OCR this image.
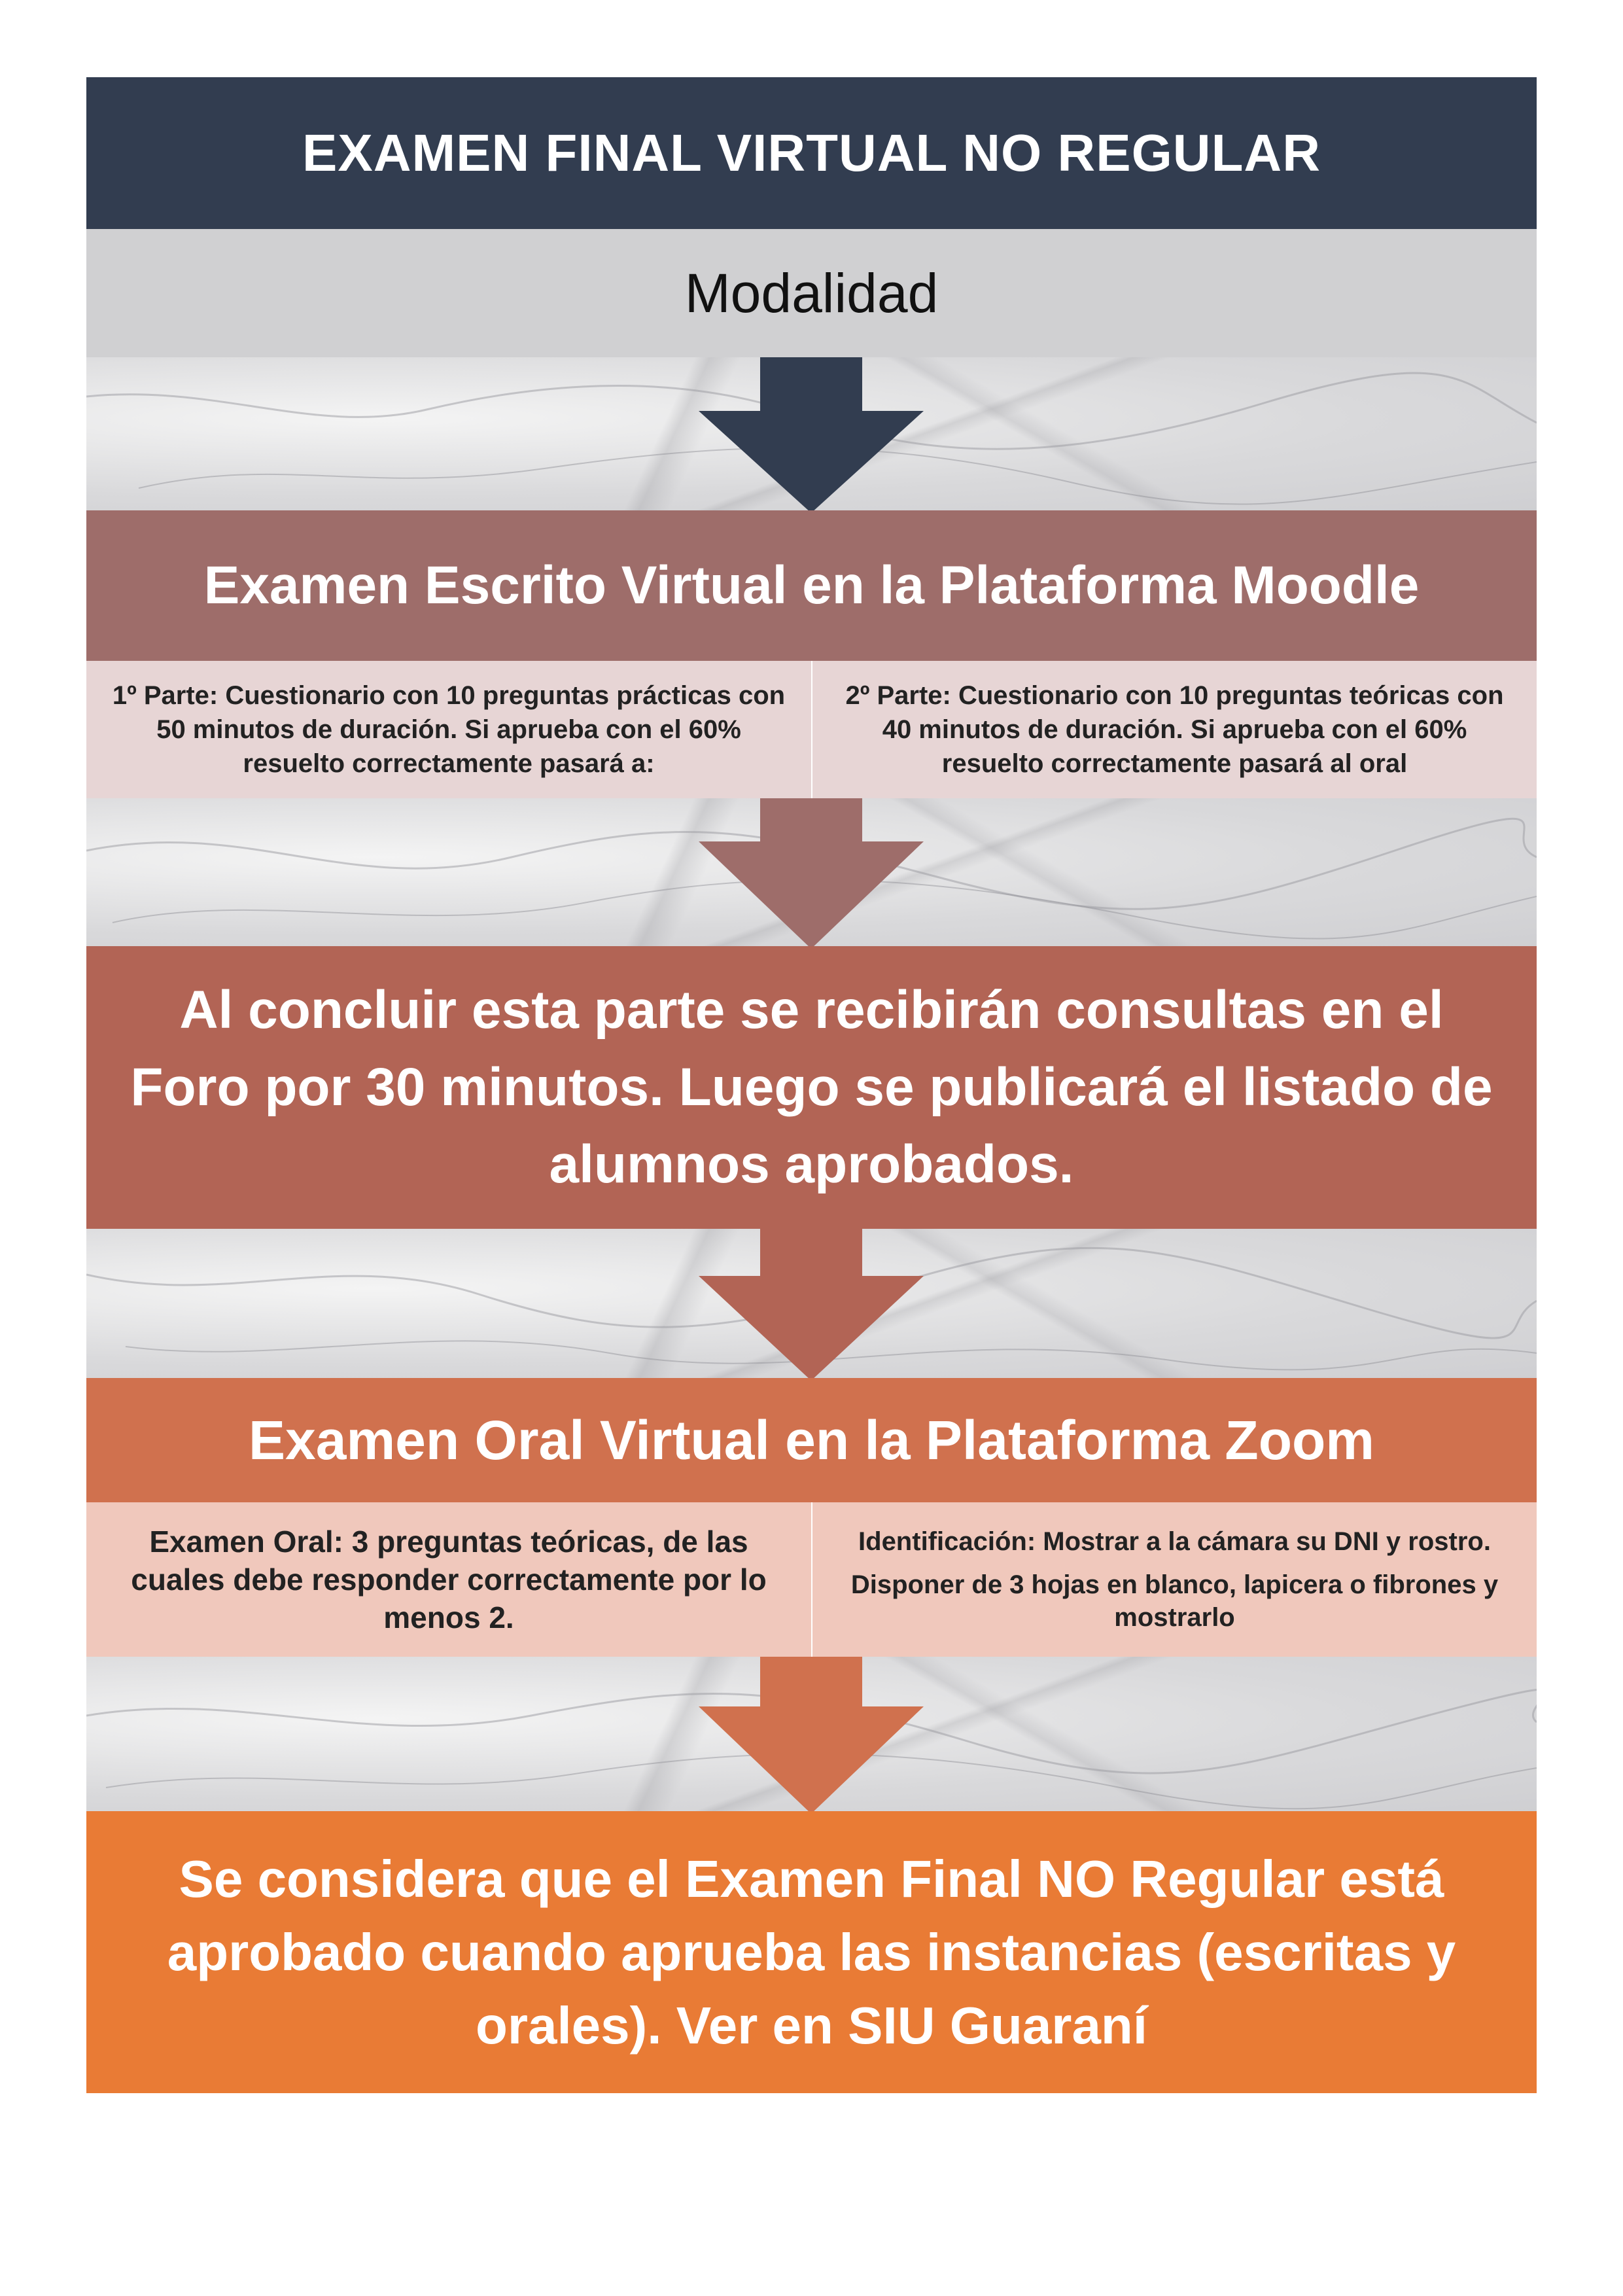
EXAMEN FINAL VIRTUAL NO REGULAR
Modalidad
Examen Escrito Virtual en la Plataforma Moodle
1º Parte: Cuestionario con 10 preguntas prácticas con 50 minutos de duración. Si aprueba con el 60% resuelto correctamente pasará a:
2º Parte: Cuestionario con 10 preguntas teóricas con 40 minutos de duración. Si aprueba con el 60% resuelto correctamente pasará al oral
Al concluir esta parte se recibirán consultas en el Foro por 30 minutos. Luego se publicará el listado de alumnos aprobados.
Examen Oral Virtual en la Plataforma Zoom
Examen Oral: 3 preguntas teóricas, de las cuales debe responder correctamente por lo menos 2.

Identificación: Mostrar a la cámara su DNI y rostro.

Disponer de 3 hojas en blanco, lapicera o fibrones y mostrarlo

Se considera que el Examen Final NO Regular está aprobado cuando aprueba las instancias (escritas y orales). Ver en SIU Guaraní
